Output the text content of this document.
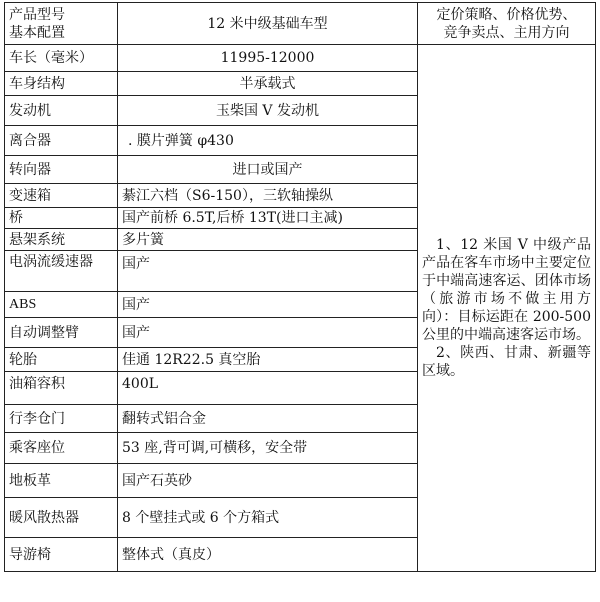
产品型号
基本配置	12 米中级基础车型	定价策略、价格优势、
竞争卖点、主用方向

车长（毫米）	11995-12000	1、12 米国 V 中级产品产品在客车市场中主要定位于中端高速客运、团体市场（旅游市场不做主用方向）：目标运距在 200-500 公里的中端高速客运市场。
2、陕西、甘肃、新疆等区域。

车身结构	半承载式	
发动机	玉柴国 V 发动机	
离合器	. 膜片弹簧 φ430	
转向器	进口或国产	
变速箱	綦江六档（S6-150），三软轴操纵	
桥	国产前桥 6.5T,后桥 13T(进口主减)	
悬架系统	多片簧	
电涡流缓速器	国产	
ABS	国产	
自动调整臂	国产	
轮胎	佳通 12R22.5 真空胎	
油箱容积	400L	
行李仓门	翻转式铝合金	
乘客座位	53 座,背可调,可横移，安全带	
地板革	国产石英砂	
暖风散热器	8 个壁挂式或 6 个方箱式	
导游椅	整体式（真皮）	
